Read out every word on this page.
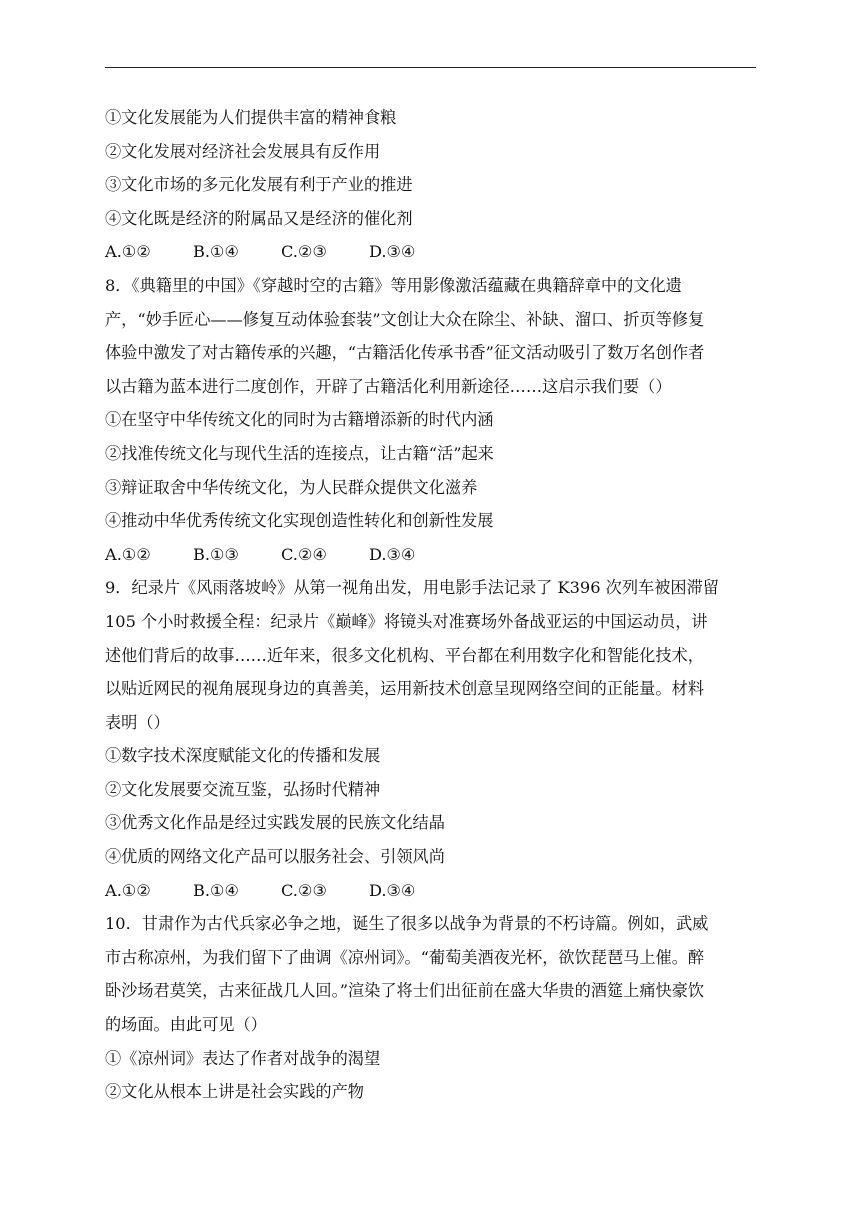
①文化发展能为人们提供丰富的精神食粮
②文化发展对经济社会发展具有反作用
③文化市场的多元化发展有利于产业的推进
④文化既是经济的附属品又是经济的催化剂
A.①②	B.①④	C.②③	D.③④
8．《典籍里的中国》《穿越时空的古籍》等用影像激活蕴藏在典籍辞章中的文化遗
产，“妙手匠心——修复互动体验套装”文创让大众在除尘、补缺、溜口、折页等修复
体验中激发了对古籍传承的兴趣，“古籍活化传承书香”征文活动吸引了数万名创作者
以古籍为蓝本进行二度创作，开辟了古籍活化利用新途径……这启示我们要（）
①在坚守中华传统文化的同时为古籍增添新的时代内涵
②找准传统文化与现代生活的连接点，让古籍“活”起来
③辩证取舍中华传统文化，为人民群众提供文化滋养
④推动中华优秀传统文化实现创造性转化和创新性发展
A.①②	B.①③	C.②④	D.③④
9．纪录片《风雨落坡岭》从第一视角出发，用电影手法记录了 K396 次列车被困滞留
105 个小时救援全程：纪录片《巅峰》将镜头对准赛场外备战亚运的中国运动员，讲
述他们背后的故事……近年来，很多文化机构、平台都在利用数字化和智能化技术，
以贴近网民的视角展现身边的真善美，运用新技术创意呈现网络空间的正能量。材料
表明（）
①数字技术深度赋能文化的传播和发展
②文化发展要交流互鉴，弘扬时代精神
③优秀文化作品是经过实践发展的民族文化结晶
④优质的网络文化产品可以服务社会、引领风尚
A.①②	B.①④	C.②③	D.③④
10．甘肃作为古代兵家必争之地，诞生了很多以战争为背景的不朽诗篇。例如，武威
市古称凉州，为我们留下了曲调《凉州词》。“葡萄美酒夜光杯，欲饮琵琶马上催。醉
卧沙场君莫笑，古来征战几人回。”渲染了将士们出征前在盛大华贵的酒筵上痛快豪饮
的场面。由此可见（）
①《凉州词》表达了作者对战争的渴望
②文化从根本上讲是社会实践的产物
